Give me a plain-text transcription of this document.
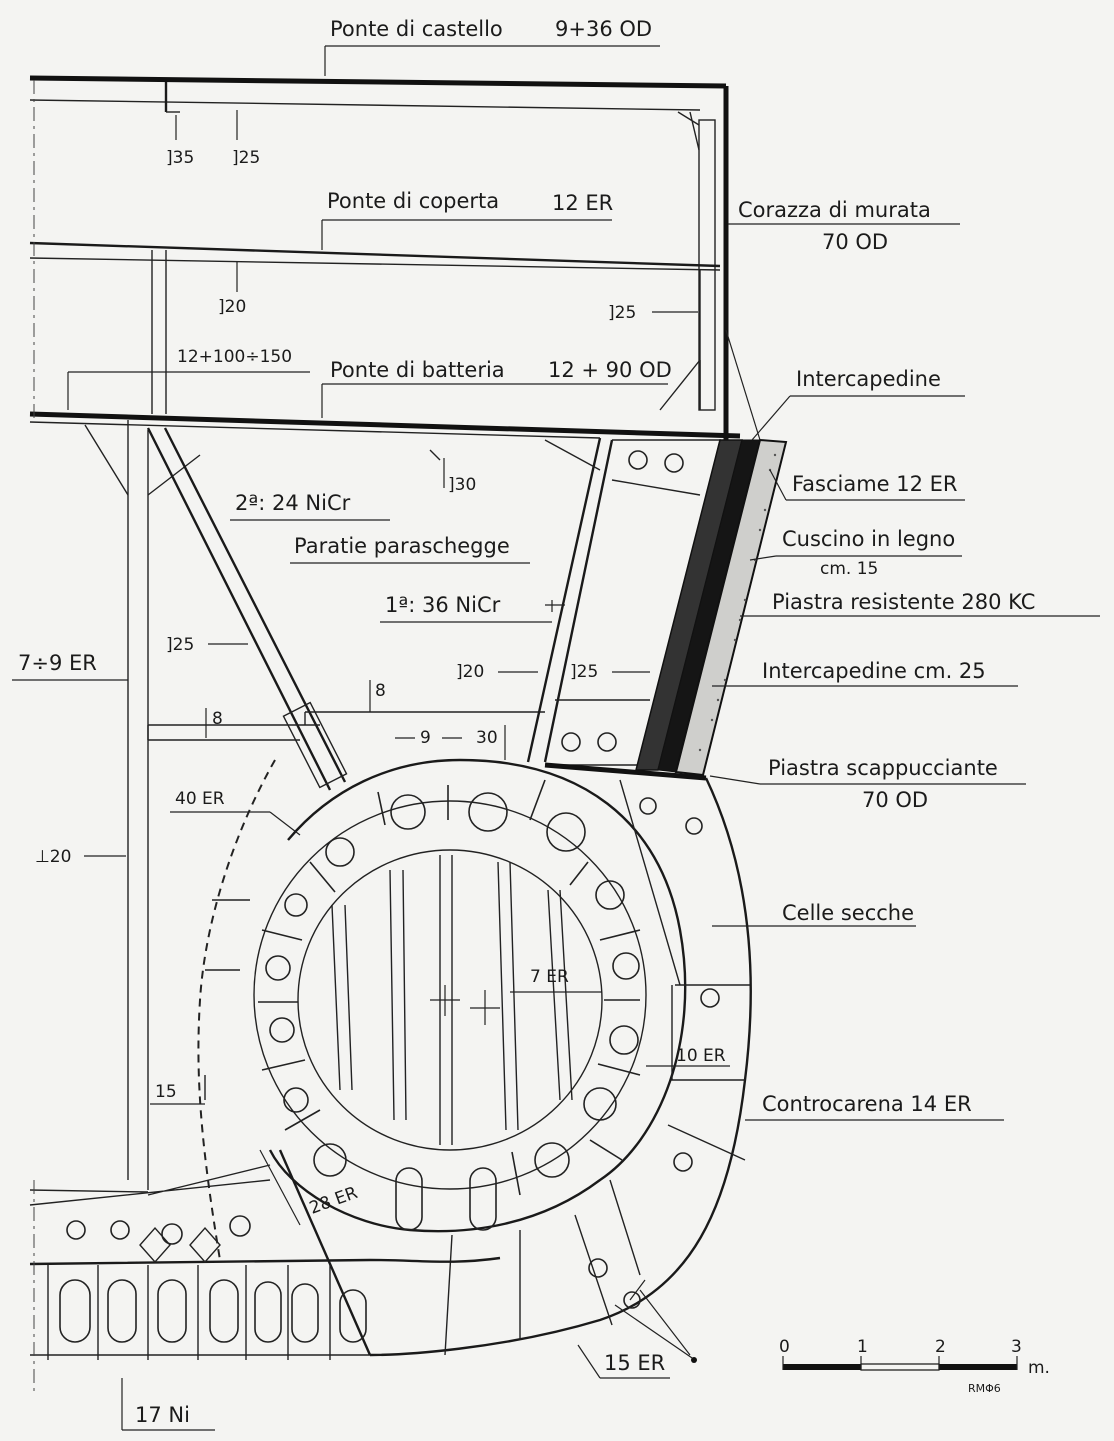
Ponte di castello 9+36 OD
]35 ]25
Ponte di coperta	12 ER	Corazza di murata
70 OD
]20	]25
12+100÷150
Ponte di batteria 12 + 90 OD	Intercapedine
]30	Fasciame 12 ER
2ª: 24 NiCr
Paratie paraschegge	Cuscino in legno
cm. 15
1ª: 36 NiCr	Piastra resistente 280 KC
]25
7÷9 ER	]20	]25	Intercapedine cm. 25
8
8
9	30
Piastra scappucciante
70 OD
40 ER
⊥20
Celle secche
7 ER
10 ER
15	Controcarena 14 ER
28 ER
15 ER
17 Ni
0	1	2	3
m.
RMΦ6
